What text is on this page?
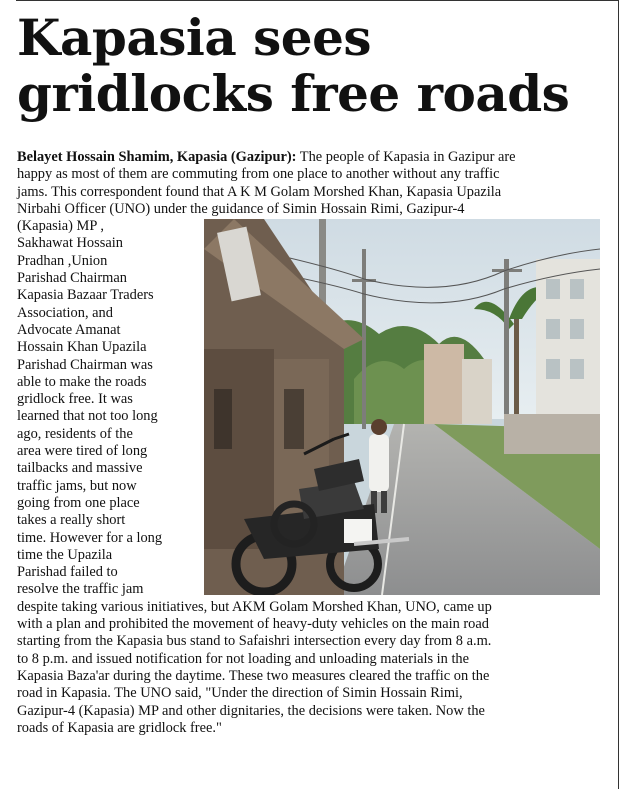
Kapasia sees
gridlocks free roads
Belayet Hossain Shamim, Kapasia (Gazipur): The people of Kapasia in Gazipur are
happy as most of them are commuting from one place to another without any traffic
jams. This correspondent found that A K M Golam Morshed Khan, Kapasia Upazila
Nirbahi Officer (UNO) under the guidance of Simin Hossain Rimi, Gazipur-4
(Kapasia) MP ,
Sakhawat Hossain
Pradhan ,Union
Parishad Chairman
Kapasia Bazaar Traders
Association, and
Advocate Amanat
Hossain Khan Upazila
Parishad Chairman was
able to make the roads
gridlock free. It was
learned that not too long
ago, residents of the
area were tired of long
tailbacks and massive
traffic jams, but now
going from one place
takes a really short
time. However for a long
time the Upazila
Parishad failed to
resolve the traffic jam
despite taking various initiatives, but AKM Golam Morshed Khan, UNO, came up
with a plan and prohibited the movement of heavy-duty vehicles on the main road
starting from the Kapasia bus stand to Safaishri intersection every day from 8 a.m.
to 8 p.m. and issued notification for not loading and unloading materials in the
Kapasia Baza'ar during the daytime. These two measures cleared the traffic on the
road in Kapasia. The UNO said, "Under the direction of Simin Hossain Rimi,
Gazipur-4 (Kapasia) MP and other dignitaries, the decisions were taken. Now the
roads of Kapasia are gridlock free."
